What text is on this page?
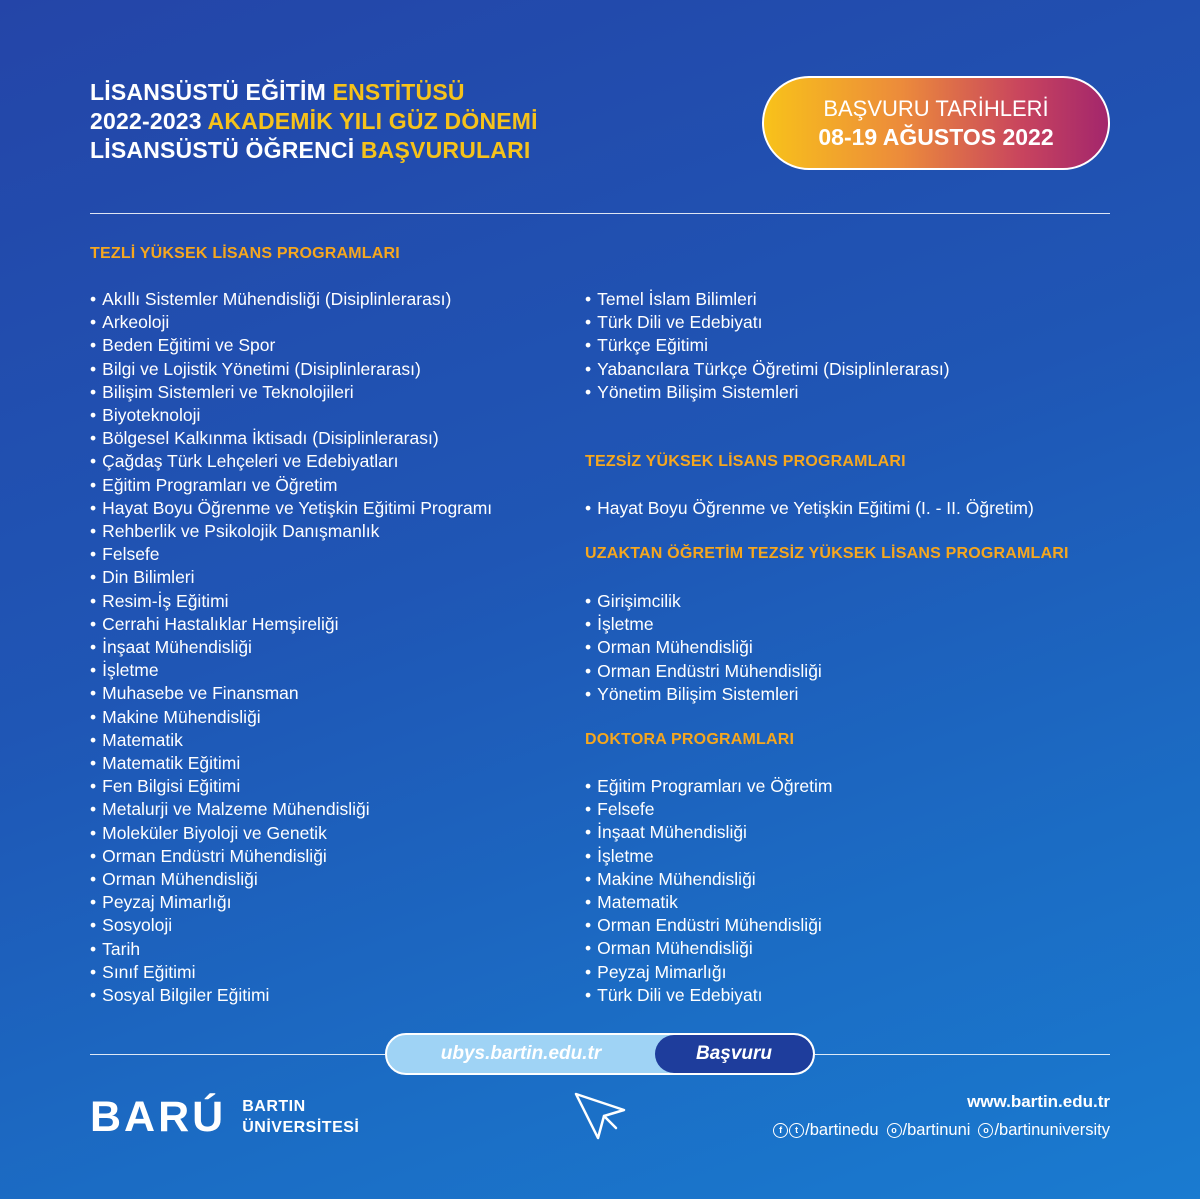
LİSANSÜSTÜ EĞİTİM ENSTİTÜSÜ
2022-2023 AKADEMİK YILI GÜZ DÖNEMİ
LİSANSÜSTÜ ÖĞRENCİ BAŞVURULARI
BAŞVURU TARİHLERİ
08-19 AĞUSTOS 2022
TEZLİ YÜKSEK LİSANS PROGRAMLARI
• Akıllı Sistemler Mühendisliği (Disiplinlerarası)
• Arkeoloji
• Beden Eğitimi ve Spor
• Bilgi ve Lojistik Yönetimi (Disiplinlerarası)
• Bilişim Sistemleri ve Teknolojileri
• Biyoteknoloji
• Bölgesel Kalkınma İktisadı (Disiplinlerarası)
• Çağdaş Türk Lehçeleri ve Edebiyatları
• Eğitim Programları ve Öğretim
• Hayat Boyu Öğrenme ve Yetişkin Eğitimi Programı
• Rehberlik ve Psikolojik Danışmanlık
• Felsefe
• Din Bilimleri
• Resim-İş Eğitimi
• Cerrahi Hastalıklar Hemşireliği
• İnşaat Mühendisliği
• İşletme
• Muhasebe ve Finansman
• Makine Mühendisliği
• Matematik
• Matematik Eğitimi
• Fen Bilgisi Eğitimi
• Metalurji ve Malzeme Mühendisliği
• Moleküler Biyoloji ve Genetik
• Orman Endüstri Mühendisliği
• Orman Mühendisliği
• Peyzaj Mimarlığı
• Sosyoloji
• Tarih
• Sınıf Eğitimi
• Sosyal Bilgiler Eğitimi
• Temel İslam Bilimleri
• Türk Dili ve Edebiyatı
• Türkçe Eğitimi
• Yabancılara Türkçe Öğretimi (Disiplinlerarası)
• Yönetim Bilişim Sistemleri
TEZSİZ YÜKSEK LİSANS PROGRAMLARI
• Hayat Boyu Öğrenme ve Yetişkin Eğitimi (I. - II. Öğretim)
UZAKTAN ÖĞRETİM TEZSİZ YÜKSEK LİSANS PROGRAMLARI
• Girişimcilik
• İşletme
• Orman Mühendisliği
• Orman Endüstri Mühendisliği
• Yönetim Bilişim Sistemleri
DOKTORA PROGRAMLARI
• Eğitim Programları ve Öğretim
• Felsefe
• İnşaat Mühendisliği
• İşletme
• Makine Mühendisliği
• Matematik
• Orman Endüstri Mühendisliği
• Orman Mühendisliği
• Peyzaj Mimarlığı
• Türk Dili ve Edebiyatı
ubys.bartin.edu.tr	Başvuru
BARÚ BARTIN
ÜNİVERSİTESİ
www.bartin.edu.tr
f	t /bartinedu	o /bartinuni	o /bartinuniversity
